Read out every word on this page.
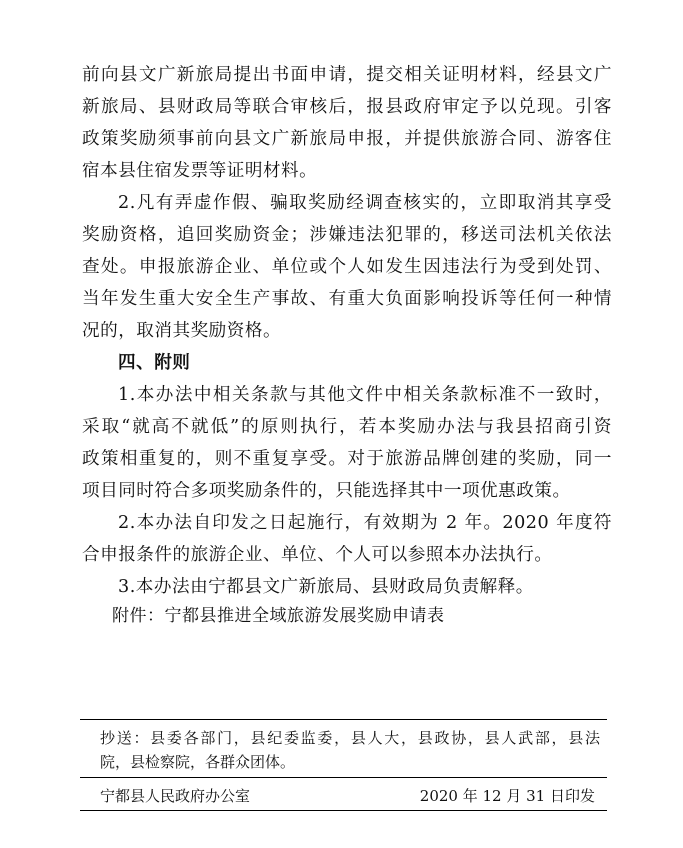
前向县文广新旅局提出书面申请，提交相关证明材料，经县文广
新旅局、县财政局等联合审核后，报县政府审定予以兑现。引客
政策奖励须事前向县文广新旅局申报，并提供旅游合同、游客住
宿本县住宿发票等证明材料。
2.凡有弄虚作假、骗取奖励经调查核实的，立即取消其享受
奖励资格，追回奖励资金；涉嫌违法犯罪的，移送司法机关依法
查处。申报旅游企业、单位或个人如发生因违法行为受到处罚、
当年发生重大安全生产事故、有重大负面影响投诉等任何一种情
况的，取消其奖励资格。
四、附则
1.本办法中相关条款与其他文件中相关条款标准不一致时，
采取“就高不就低”的原则执行，若本奖励办法与我县招商引资
政策相重复的，则不重复享受。对于旅游品牌创建的奖励，同一
项目同时符合多项奖励条件的，只能选择其中一项优惠政策。
2.本办法自印发之日起施行，有效期为 2 年。2020 年度符
合申报条件的旅游企业、单位、个人可以参照本办法执行。
3.本办法由宁都县文广新旅局、县财政局负责解释。
附件：宁都县推进全域旅游发展奖励申请表
抄送：县委各部门，县纪委监委，县人大，县政协，县人武部，县法
院，县检察院，各群众团体。
宁都县人民政府办公室	2020 年 12 月 31 日印发
